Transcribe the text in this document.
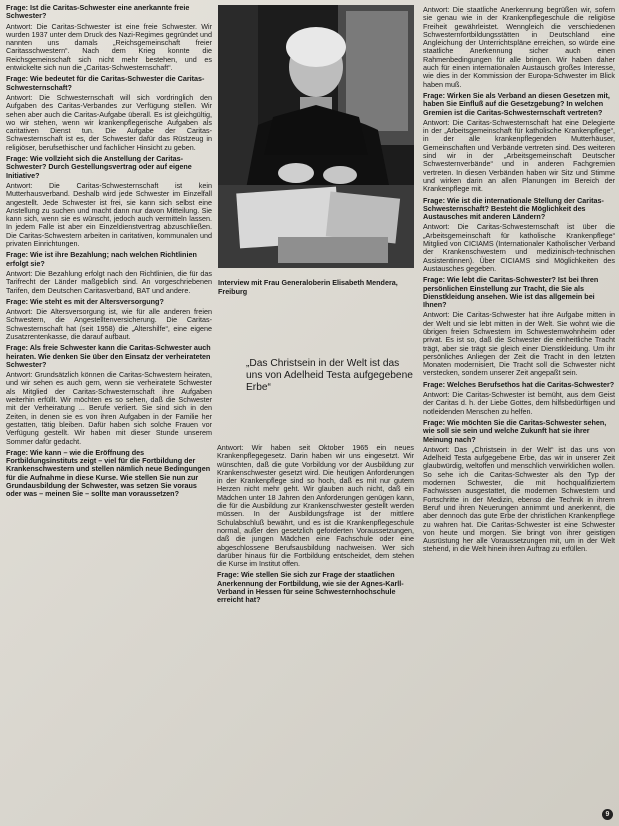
Frage: Ist die Caritas-Schwester eine anerkannte freie Schwester?
Antwort: Die Caritas-Schwester ist eine freie Schwester. Wir wurden 1937 unter dem Druck des Nazi-Regimes gegründet und nannten uns damals „Reichsgemeinschaft freier Caritasschwestern“. Nach dem Krieg konnte die Reichsgemeinschaft sich nicht mehr bestehen, und es entwickelte sich nun die „Caritas-Schwesternschaft“.
Frage: Wie bedeutet für die Caritas-Schwester die Caritas-Schwesternschaft?
Antwort: Die Schwesternschaft will sich vordringlich den Aufgaben des Caritas-Verbandes zur Verfügung stellen. Wir sehen aber auch die Caritas-Aufgabe überall. Es ist gleichgültig, wo wir stehen, wenn wir krankenpflegerische Aufgaben als caritativen Dienst tun. Die Aufgabe der Caritas-Schwesternschaft ist es, der Schwester dafür das Rüstzeug in religiöser, berufsethischer und fachlicher Hinsicht zu geben.
Frage: Wie vollzieht sich die Anstellung der Caritas-Schwester? Durch Gestellungsvertrag oder auf eigene Initiative?
Antwort: Die Caritas-Schwesternschaft ist kein Mutterhausverband. Deshalb wird jede Schwester im Einzelfall angestellt. Jede Schwester ist frei, sie kann sich selbst eine Anstellung zu suchen und macht dann nur davon Mitteilung. Sie kann sich, wenn sie es wünscht, jedoch auch vermitteln lassen. In jedem Falle ist aber ein Einzeldienstvertrag abzuschließen. Die Caritas-Schwestern arbeiten in caritativen, kommunalen und privaten Einrichtungen.
Frage: Wie ist ihre Bezahlung; nach welchen Richtlinien erfolgt sie?
Antwort: Die Bezahlung erfolgt nach den Richtlinien, die für das Tarifrecht der Länder maßgeblich sind. An vorgeschriebenen Tarifen, dem Deutschen Caritasverband, BAT und andere.
Frage: Wie steht es mit der Altersversorgung?
Antwort: Die Altersversorgung ist, wie für alle anderen freien Schwestern, die Angestelltenversicherung. Die Caritas-Schwesternschaft hat (seit 1958) die „Altershilfe“, eine eigene Zusatzrentenkasse, die darauf aufbaut.
Frage: Als freie Schwester kann die Caritas-Schwester auch heiraten. Wie denken Sie über den Einsatz der verheirateten Schwester?
Antwort: Grundsätzlich können die Caritas-Schwestern heiraten, und wir sehen es auch gern, wenn sie verheiratete Schwester als Mitglied der Caritas-Schwesternschaft ihre Aufgaben weiterhin erfüllt. Wir möchten es so sehen, daß die Schwester mit der Verheiratung ... Berufe verliert. Sie sind sich in den Zeiten, in denen sie es von ihren Aufgaben in der Familie her gestatten, tätig bleiben. Dafür haben sich solche Frauen vor Verfügung gestellt. Wir haben mit dieser Stunde unserem Sommer dafür gedacht.
Frage: Wie kann – wie die Eröffnung des Fortbildungsinstituts zeigt – viel für die Fortbildung der Krankenschwestern und stellen nämlich neue Bedingungen für die Aufnahme in diese Kurse. Wie stellen Sie nun zur Grundausbildung der Schwester, was setzen Sie voraus oder was – meinen Sie – sollte man voraussetzen?
Interview mit Frau Generaloberin Elisabeth Mendera, Freiburg
„Das Christsein in der Welt ist das uns von Adelheid Testa aufgegebene Erbe“
Antwort: Wir haben seit Oktober 1965 ein neues Krankenpflegegesetz. Darin haben wir uns eingesetzt. Wir wünschten, daß die gute Vorbildung vor der Ausbildung zur Krankenschwester gesetzt wird. Die heutigen Anforderungen in der Krankenpflege sind so hoch, daß es mit nur gutem Herzen nicht mehr geht. Wir glauben auch nicht, daß ein Mädchen unter 18 Jahren den Anforderungen genügen kann, die für die Ausbildung zur Krankenschwester gestellt werden müssen. In der Ausbildungsfrage ist der mittlere Schulabschluß bewährt, und es ist die Krankenpflegeschule normal, außer den gesetzlich geforderten Voraussetzungen, daß die jungen Mädchen eine Fachschule oder eine abgeschlossene Berufsausbildung nachweisen. Wer sich darüber hinaus für die Fortbildung entscheidet, dem stehen die Kurse im Institut offen.
Frage: Wie stellen Sie sich zur Frage der staatlichen Anerkennung der Fortbildung, wie sie der Agnes-Karll-Verband in Hessen für seine Schwesternhochschule erreicht hat?
Antwort: Die staatliche Anerkennung begrüßen wir, sofern sie genau wie in der Krankenpflegeschule die religiöse Freiheit gewährleistet. Wenngleich die verschiedenen Schwesternfortbildungsstätten in Deutschland eine Angleichung der Unterrichtspläne erreichen, so würde eine staatliche Anerkennung sicher auch einen Rahmenbedingungen für alle bringen. Wir haben daher auch für einen internationalen Austausch großes Interesse, wie dies in der Kommission der Europa-Schwester im Blick haben muß.
Frage: Wirken Sie als Verband an diesen Gesetzen mit, haben Sie Einfluß auf die Gesetzgebung? In welchen Gremien ist die Caritas-Schwesternschaft vertreten?
Antwort: Die Caritas-Schwesternschaft hat eine Delegierte in der „Arbeitsgemeinschaft für katholische Krankenpflege“, in der alle krankenpflegenden Mutterhäuser, Gemeinschaften und Verbände vertreten sind. Des weiteren sind wir in der „Arbeitsgemeinschaft Deutscher Schwesternverbände“ und in anderen Fachgremien vertreten. In diesen Verbänden haben wir Sitz und Stimme und wirken darin an allen Planungen im Bereich der Krankenpflege mit.
Frage: Wie ist die internationale Stellung der Caritas-Schwesternschaft? Besteht die Möglichkeit des Austausches mit anderen Ländern?
Antwort: Die Caritas-Schwesternschaft ist über die „Arbeitsgemeinschaft für katholische Krankenpflege“ Mitglied von CICIAMS (Internationaler Katholischer Verband der Krankenschwestern und medizinisch-technischen Assistentinnen). Über CICIAMS sind Möglichkeiten des Austausches gegeben.
Frage: Wie lebt die Caritas-Schwester? Ist bei Ihren persönlichen Einstellung zur Tracht, die Sie als Dienstkleidung ansehen. Wie ist das allgemein bei Ihnen?
Antwort: Die Caritas-Schwester hat ihre Aufgabe mitten in der Welt und sie lebt mitten in der Welt. Sie wohnt wie die übrigen freien Schwestern im Schwesternwohnheim oder privat. Es ist so, daß die Schwester die einheitliche Tracht trägt, aber sie trägt sie gleich einer Dienstkleidung. Um ihr persönliches Anliegen der Zeit die Tracht in den letzten Monaten modernisiert, Die Tracht soll die Schwester nicht verstecken, sondern unserer Zeit angepaßt sein.
Frage: Welches Berufsethos hat die Caritas-Schwester?
Antwort: Die Caritas-Schwester ist bemüht, aus dem Geist der Caritas d. h. der Liebe Gottes, dem hilfsbedürftigen und notleidenden Menschen zu helfen.
Frage: Wie möchten Sie die Caritas-Schwester sehen, wie soll sie sein und welche Zukunft hat sie ihrer Meinung nach?
Antwort: Das „Christsein in der Welt“ ist das uns von Adelheid Testa aufgegebene Erbe, das wir in unserer Zeit glaubwürdig, weltoffen und menschlich verwirklichen wollen. So sehe ich die Caritas-Schwester als den Typ der modernen Schwester, die mit hochqualifiziertem Fachwissen ausgestattet, die modernen Schwestern und Fortschritte in der Medizin, ebenso die Technik in ihrem Beruf und ihren Neuerungen annimmt und anerkennt, die aber dennoch das gute Erbe der christlichen Krankenpflege zu wahren hat. Die Caritas-Schwester ist eine Schwester von heute und morgen. Sie bringt von ihrer geistigen Ausrüstung her alle Voraussetzungen mit, um in der Welt stehend, in die Welt hinein ihren Auftrag zu erfüllen.
9
